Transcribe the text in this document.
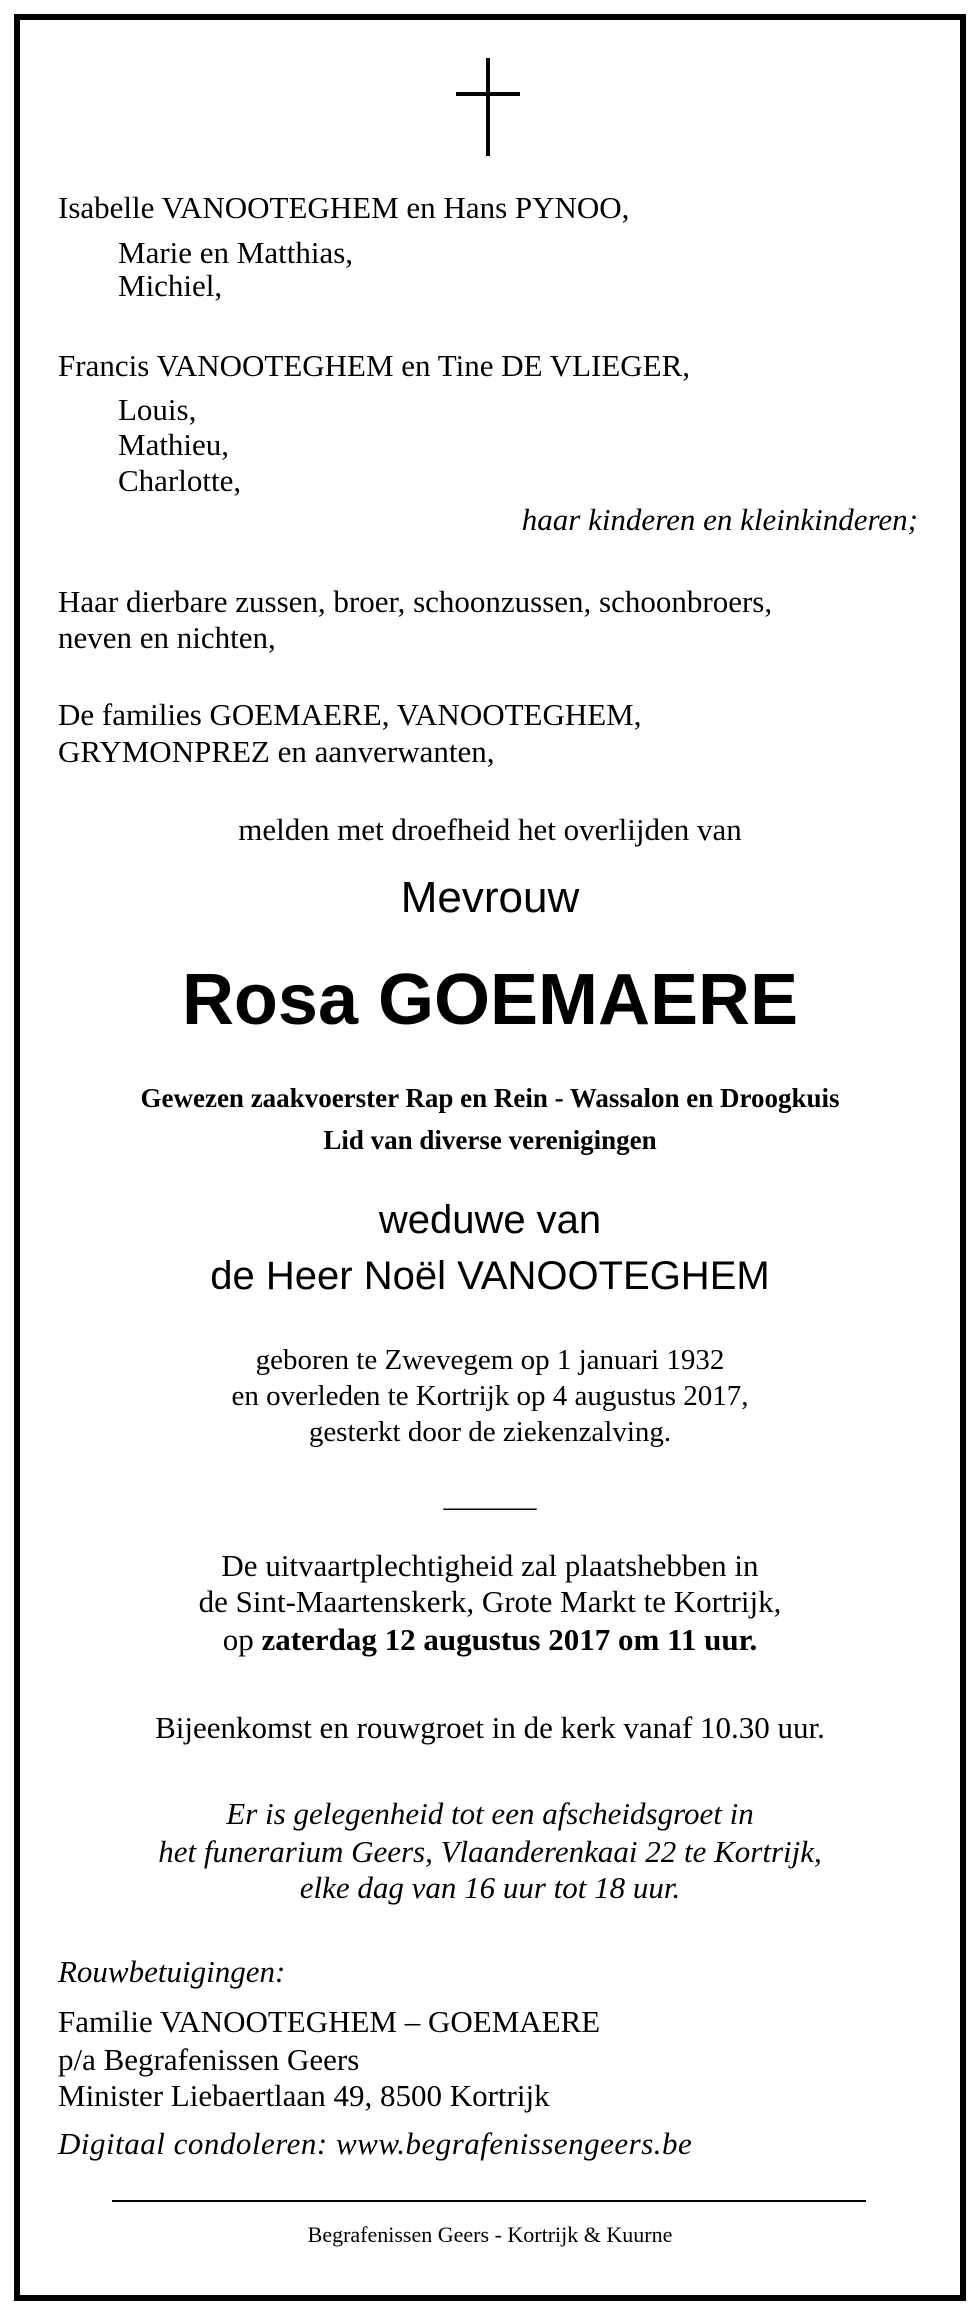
Isabelle VANOOTEGHEM en Hans PYNOO,
Marie en Matthias,
Michiel,
Francis VANOOTEGHEM en Tine DE VLIEGER,
Louis,
Mathieu,
Charlotte,
haar kinderen en kleinkinderen;
Haar dierbare zussen, broer, schoonzussen, schoonbroers,
neven en nichten,
De families GOEMAERE, VANOOTEGHEM,
GRYMONPREZ en aanverwanten,
melden met droefheid het overlijden van
Mevrouw
Rosa GOEMAERE
Gewezen zaakvoerster Rap en Rein - Wassalon en Droogkuis
Lid van diverse verenigingen
weduwe van
de Heer Noël VANOOTEGHEM
geboren te Zwevegem op 1 januari 1932
en overleden te Kortrijk op 4 augustus 2017,
gesterkt door de ziekenzalving.
______
De uitvaartplechtigheid zal plaatshebben in
de Sint-Maartenskerk, Grote Markt te Kortrijk,
op zaterdag 12 augustus 2017 om 11 uur.
Bijeenkomst en rouwgroet in de kerk vanaf 10.30 uur.
Er is gelegenheid tot een afscheidsgroet in
het funerarium Geers, Vlaanderenkaai 22 te Kortrijk,
elke dag van 16 uur tot 18 uur.
Rouwbetuigingen:
Familie VANOOTEGHEM – GOEMAERE
p/a Begrafenissen Geers
Minister Liebaertlaan 49, 8500 Kortrijk
Digitaal condoleren: www.begrafenissengeers.be
Begrafenissen Geers - Kortrijk & Kuurne
